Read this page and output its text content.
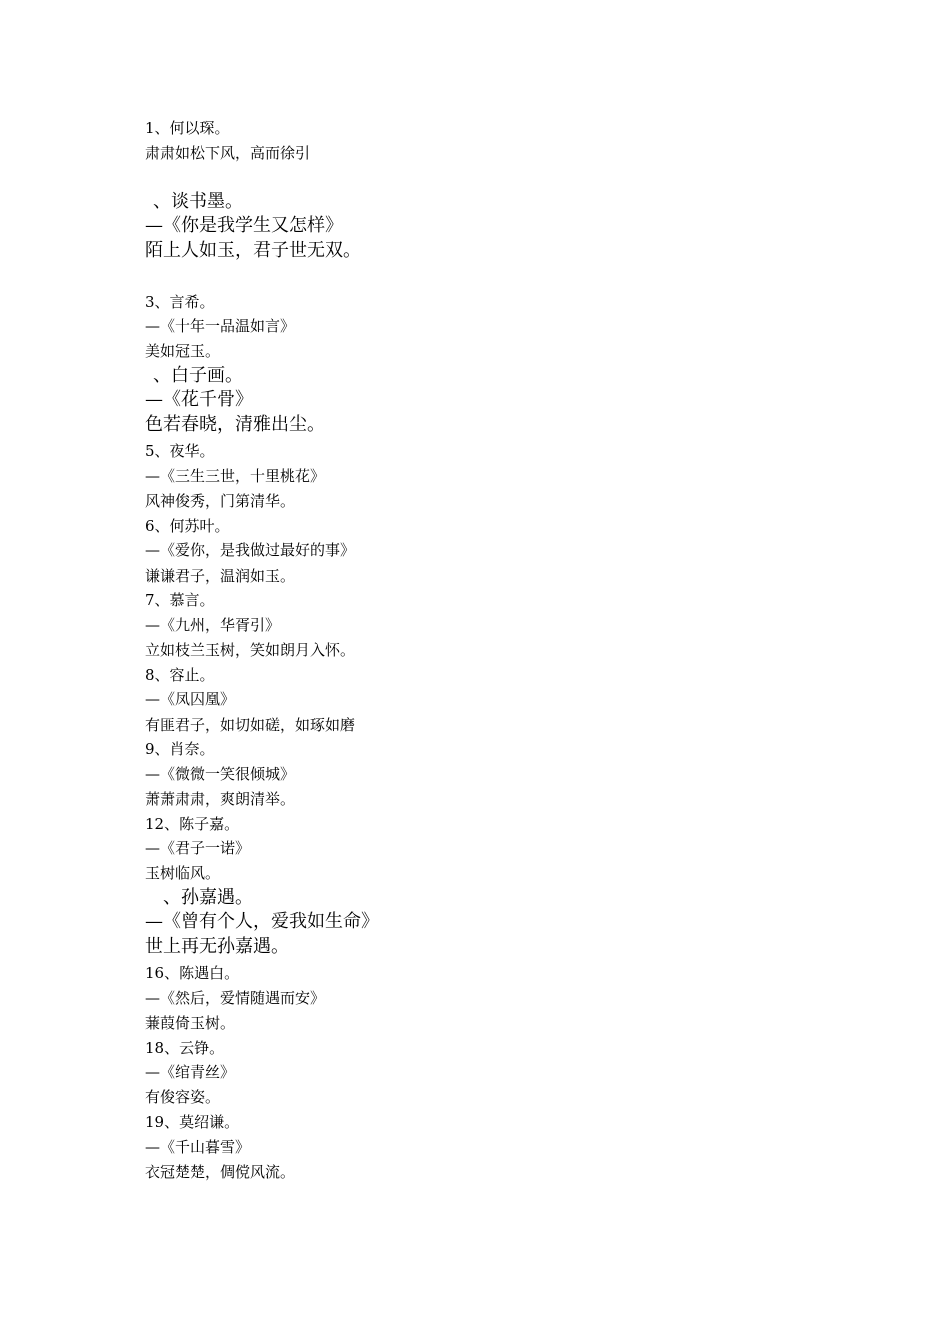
1、何以琛。
肃肃如松下风，高而徐引
、谈书墨。
—《你是我学生又怎样》
陌上人如玉，君子世无双。
3、言希。
—《十年一品温如言》
美如冠玉。
、白子画。
—《花千骨》
色若春晓，清雅出尘。
5、夜华。
—《三生三世，十里桃花》
风神俊秀，门第清华。
6、何苏叶。
—《爱你，是我做过最好的事》
谦谦君子，温润如玉。
7、慕言。
—《九州，华胥引》
立如枝兰玉树，笑如朗月入怀。
8、容止。
—《凤囚凰》
有匪君子，如切如磋，如琢如磨
9、肖奈。
—《微微一笑很倾城》
萧萧肃肃，爽朗清举。
12、陈子嘉。
—《君子一诺》
玉树临风。
、孙嘉遇。
—《曾有个人，爱我如生命》
世上再无孙嘉遇。
16、陈遇白。
—《然后，爱情随遇而安》
蒹葭倚玉树。
18、云铮。
—《绾青丝》
有俊容姿。
19、莫绍谦。
—《千山暮雪》
衣冠楚楚，倜傥风流。
